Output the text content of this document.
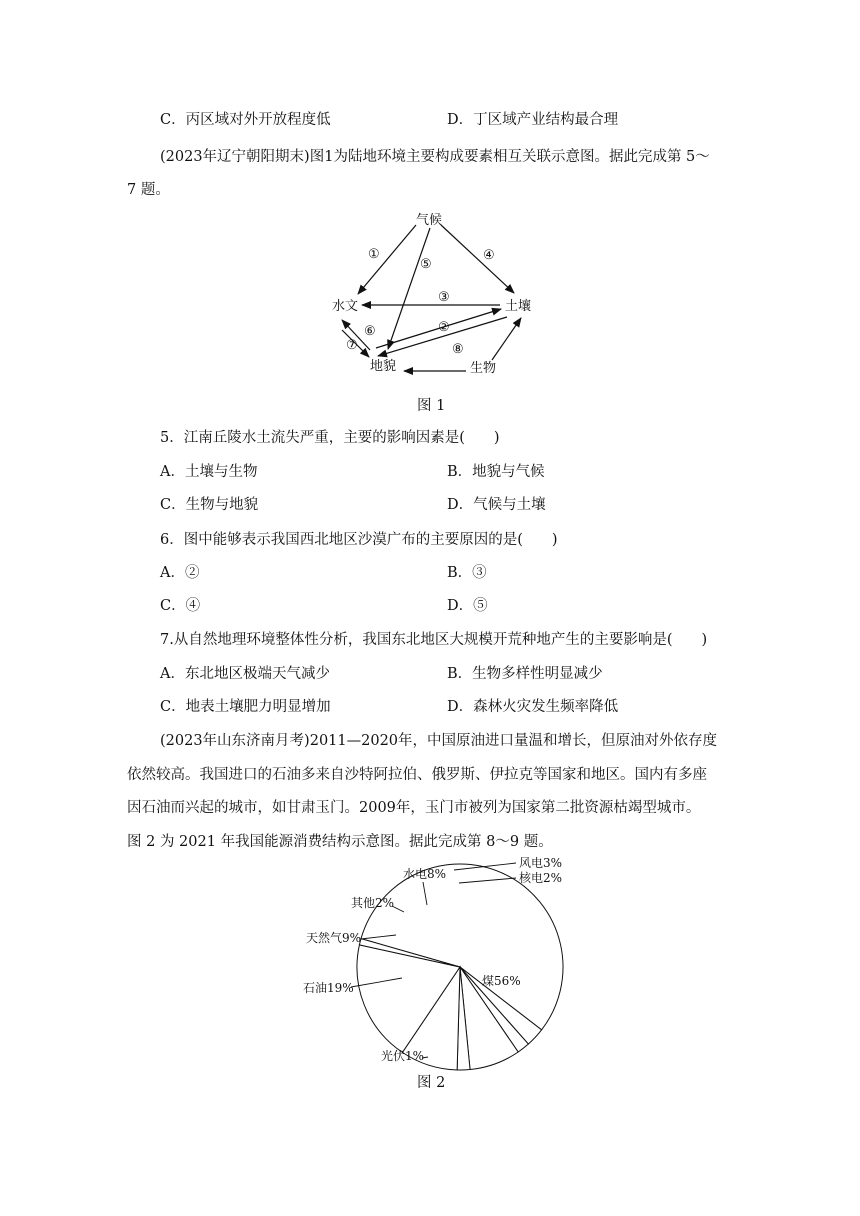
C．丙区域对外开放程度低	D．丁区域产业结构最合理
(2023年辽宁朝阳期末)图1为陆地环境主要构成要素相互关联示意图。据此完成第 5～
7 题。
气候
水文	土壤
地貌	生物
①
②
③
④
⑤
⑥
⑦	⑧
图 1
5．江南丘陵水土流失严重，主要的影响因素是(　　)
A．土壤与生物	B．地貌与气候
C．生物与地貌	D．气候与土壤
6．图中能够表示我国西北地区沙漠广布的主要原因的是(　　)
A．②	B．③
C．④	D．⑤
7.从自然地理环境整体性分析，我国东北地区大规模开荒种地产生的主要影响是(　　)
A．东北地区极端天气减少	B．生物多样性明显减少
C．地表土壤肥力明显增加	D．森林火灾发生频率降低
(2023年山东济南月考)2011—2020年，中国原油进口量温和增长，但原油对外依存度
依然较高。我国进口的石油多来自沙特阿拉伯、俄罗斯、伊拉克等国家和地区。国内有多座
因石油而兴起的城市，如甘肃玉门。2009年，玉门市被列为国家第二批资源枯竭型城市。
图 2 为 2021 年我国能源消费结构示意图。据此完成第 8～9 题。
煤56%
风电3%
核电2%
水电8%
其他2%
天然气9%
石油19%
光伏1%
图 2
